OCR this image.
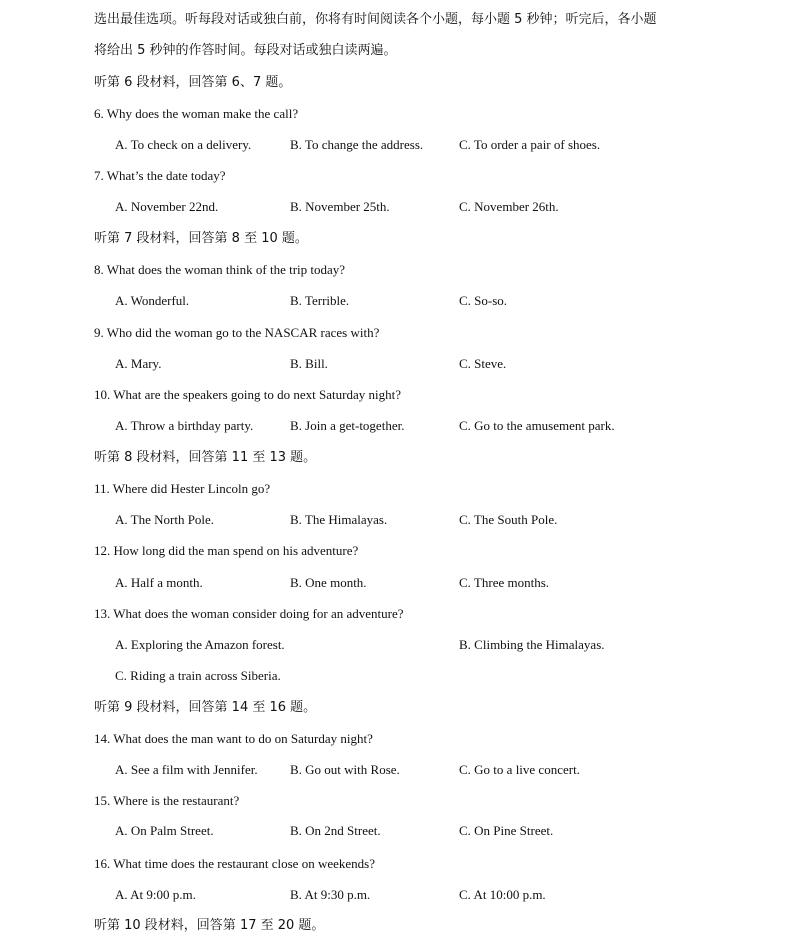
选出最佳选项。听每段对话或独白前，你将有时间阅读各个小题，每小题 5 秒钟；听完后，各小题
将给出 5 秒钟的作答时间。每段对话或独白读两遍。
听第 6 段材料，回答第 6、7 题。
6. Why does the woman make the call?
A. To check on a delivery.	B. To change the address.	C. To order a pair of shoes.
7. What’s the date today?
A. November 22nd.	B. November 25th.	C. November 26th.
听第 7 段材料，回答第 8 至 10 题。
8. What does the woman think of the trip today?
A. Wonderful.	B. Terrible.	C. So-so.
9. Who did the woman go to the NASCAR races with?
A. Mary.	B. Bill.	C. Steve.
10. What are the speakers going to do next Saturday night?
A. Throw a birthday party.	B. Join a get-together.	C. Go to the amusement park.
听第 8 段材料，回答第 11 至 13 题。
11. Where did Hester Lincoln go?
A. The North Pole.	B. The Himalayas.	C. The South Pole.
12. How long did the man spend on his adventure?
A. Half a month.	B. One month.	C. Three months.
13. What does the woman consider doing for an adventure?
A. Exploring the Amazon forest.	B. Climbing the Himalayas.
C. Riding a train across Siberia.
听第 9 段材料，回答第 14 至 16 题。
14. What does the man want to do on Saturday night?
A. See a film with Jennifer. B. Go out with Rose.	C. Go to a live concert.
15. Where is the restaurant?
A. On Palm Street.	B. On 2nd Street.	C. On Pine Street.
16. What time does the restaurant close on weekends?
A. At 9:00 p.m.	B. At 9:30 p.m.	C. At 10:00 p.m.
听第 10 段材料，回答第 17 至 20 题。
